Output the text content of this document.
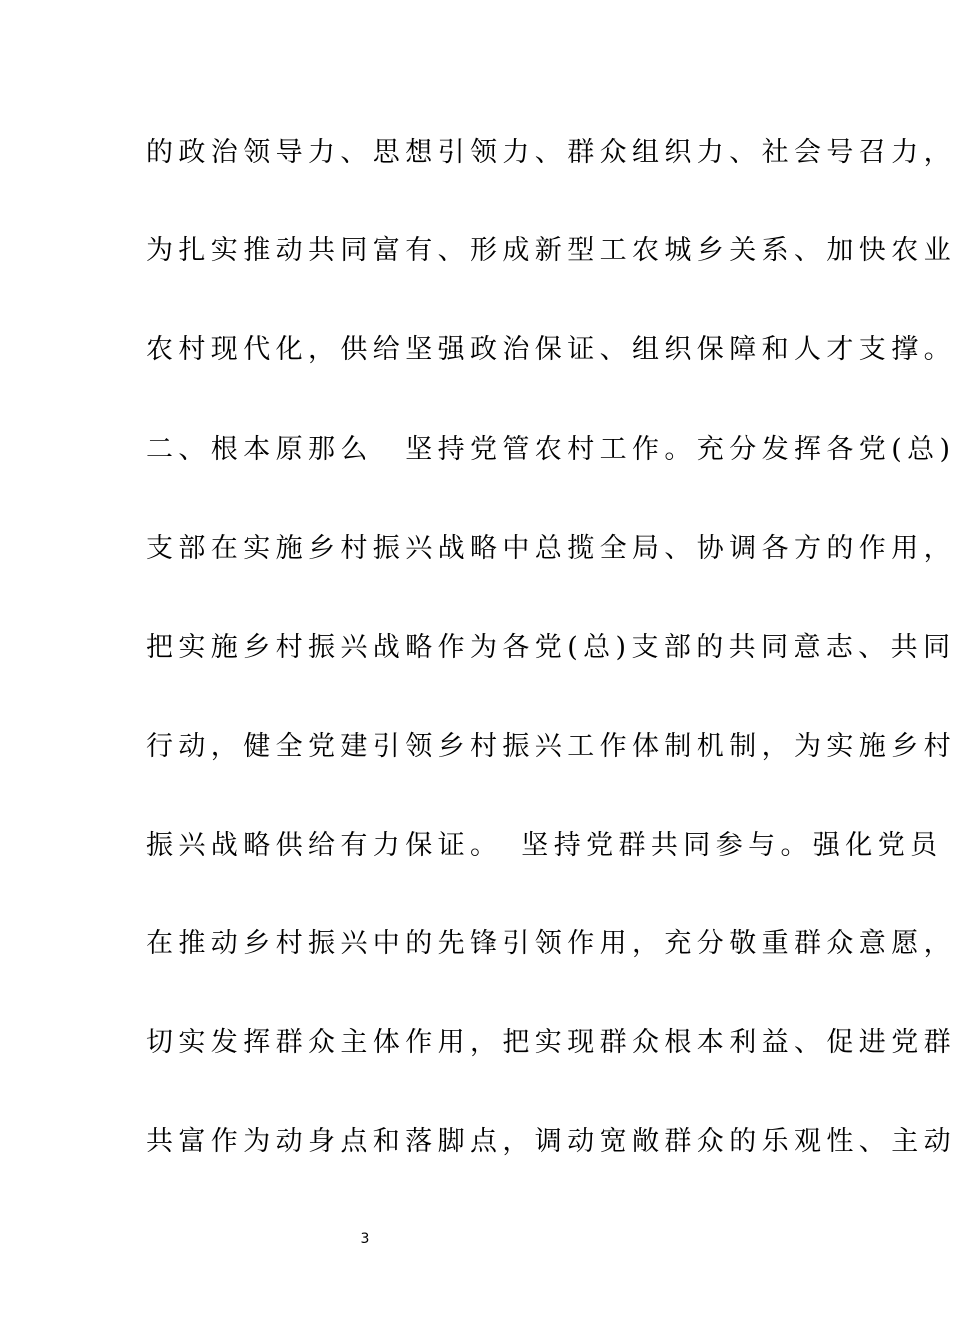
的政治领导力、思想引领力、群众组织力、社会号召力，
为扎实推动共同富有、形成新型工农城乡关系、加快农业
农村现代化，供给坚强政治保证、组织保障和人才支撑。
二、根本原那么　坚持党管农村工作。充分发挥各党(总)
支部在实施乡村振兴战略中总揽全局、协调各方的作用，
把实施乡村振兴战略作为各党(总)支部的共同意志、共同
行动，健全党建引领乡村振兴工作体制机制，为实施乡村
振兴战略供给有力保证。　坚持党群共同参与。强化党员
在推动乡村振兴中的先锋引领作用，充分敬重群众意愿，
切实发挥群众主体作用，把实现群众根本利益、促进党群
共富作为动身点和落脚点，调动宽敞群众的乐观性、主动
3
